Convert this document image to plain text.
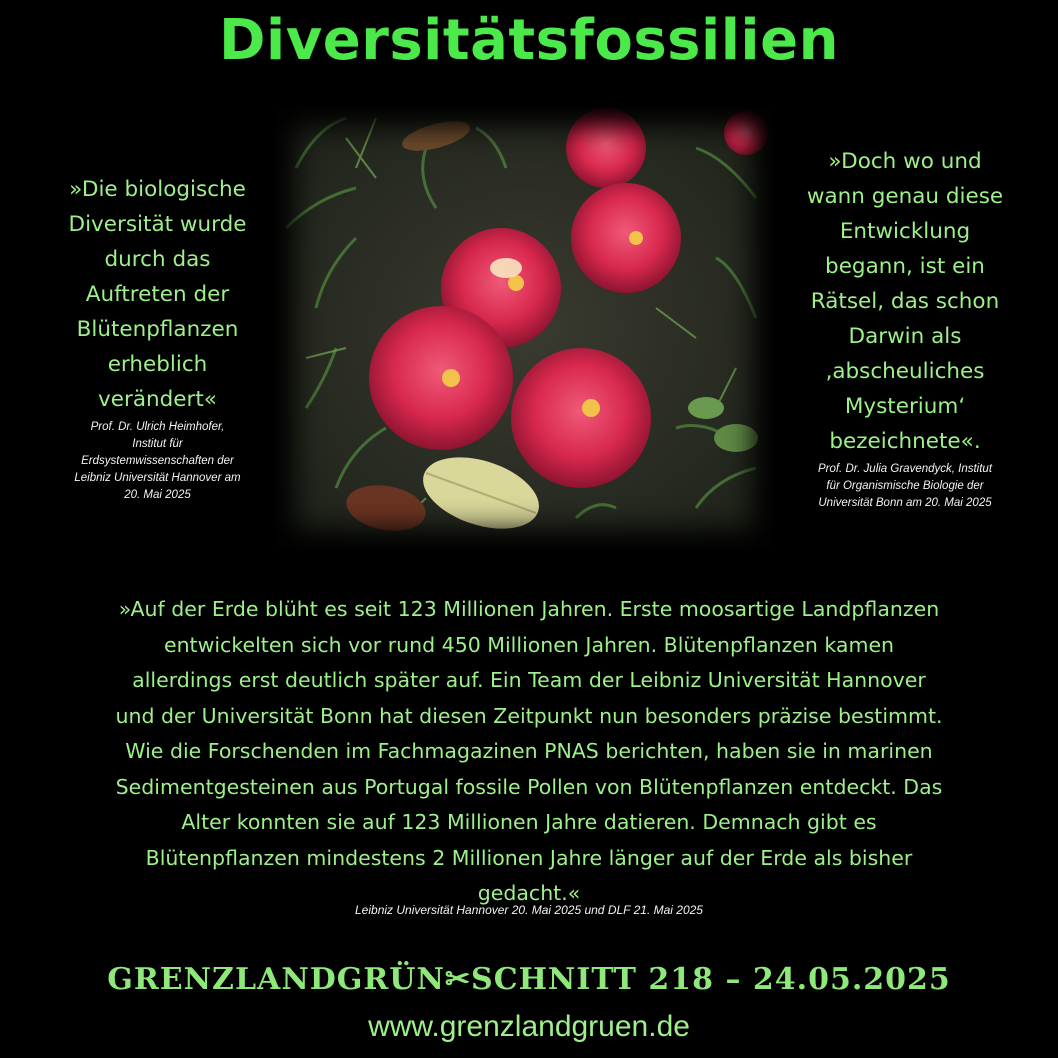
Diversitätsfossilien
»Die biologische
Diversität wurde
durch das
Auftreten der
Blütenpflanzen
erheblich
verändert«
Prof. Dr. Ulrich Heimhofer,
Institut für
Erdsystemwissenschaften der
Leibniz Universität Hannover am
20. Mai 2025
»Doch wo und
wann genau diese
Entwicklung
begann, ist ein
Rätsel, das schon
Darwin als
‚abscheuliches
Mysterium‘
bezeichnete«.
Prof. Dr. Julia Gravendyck, Institut
für Organismische Biologie der
Universität Bonn am 20. Mai 2025
»Auf der Erde blüht es seit 123 Millionen Jahren. Erste moosartige Landpflanzen
entwickelten sich vor rund 450 Millionen Jahren. Blütenpflanzen kamen
allerdings erst deutlich später auf. Ein Team der Leibniz Universität Hannover
und der Universität Bonn hat diesen Zeitpunkt nun besonders präzise bestimmt.
Wie die Forschenden im Fachmagazinen PNAS berichten, haben sie in marinen
Sedimentgesteinen aus Portugal fossile Pollen von Blütenpflanzen entdeckt. Das
Alter konnten sie auf 123 Millionen Jahre datieren. Demnach gibt es
Blütenpflanzen mindestens 2 Millionen Jahre länger auf der Erde als bisher
gedacht.«
Leibniz Universität Hannover 20. Mai 2025 und DLF 21. Mai 2025
GRENZLANDGRÜN✂SCHNITT 218 – 24.05.2025
www.grenzlandgruen.de
